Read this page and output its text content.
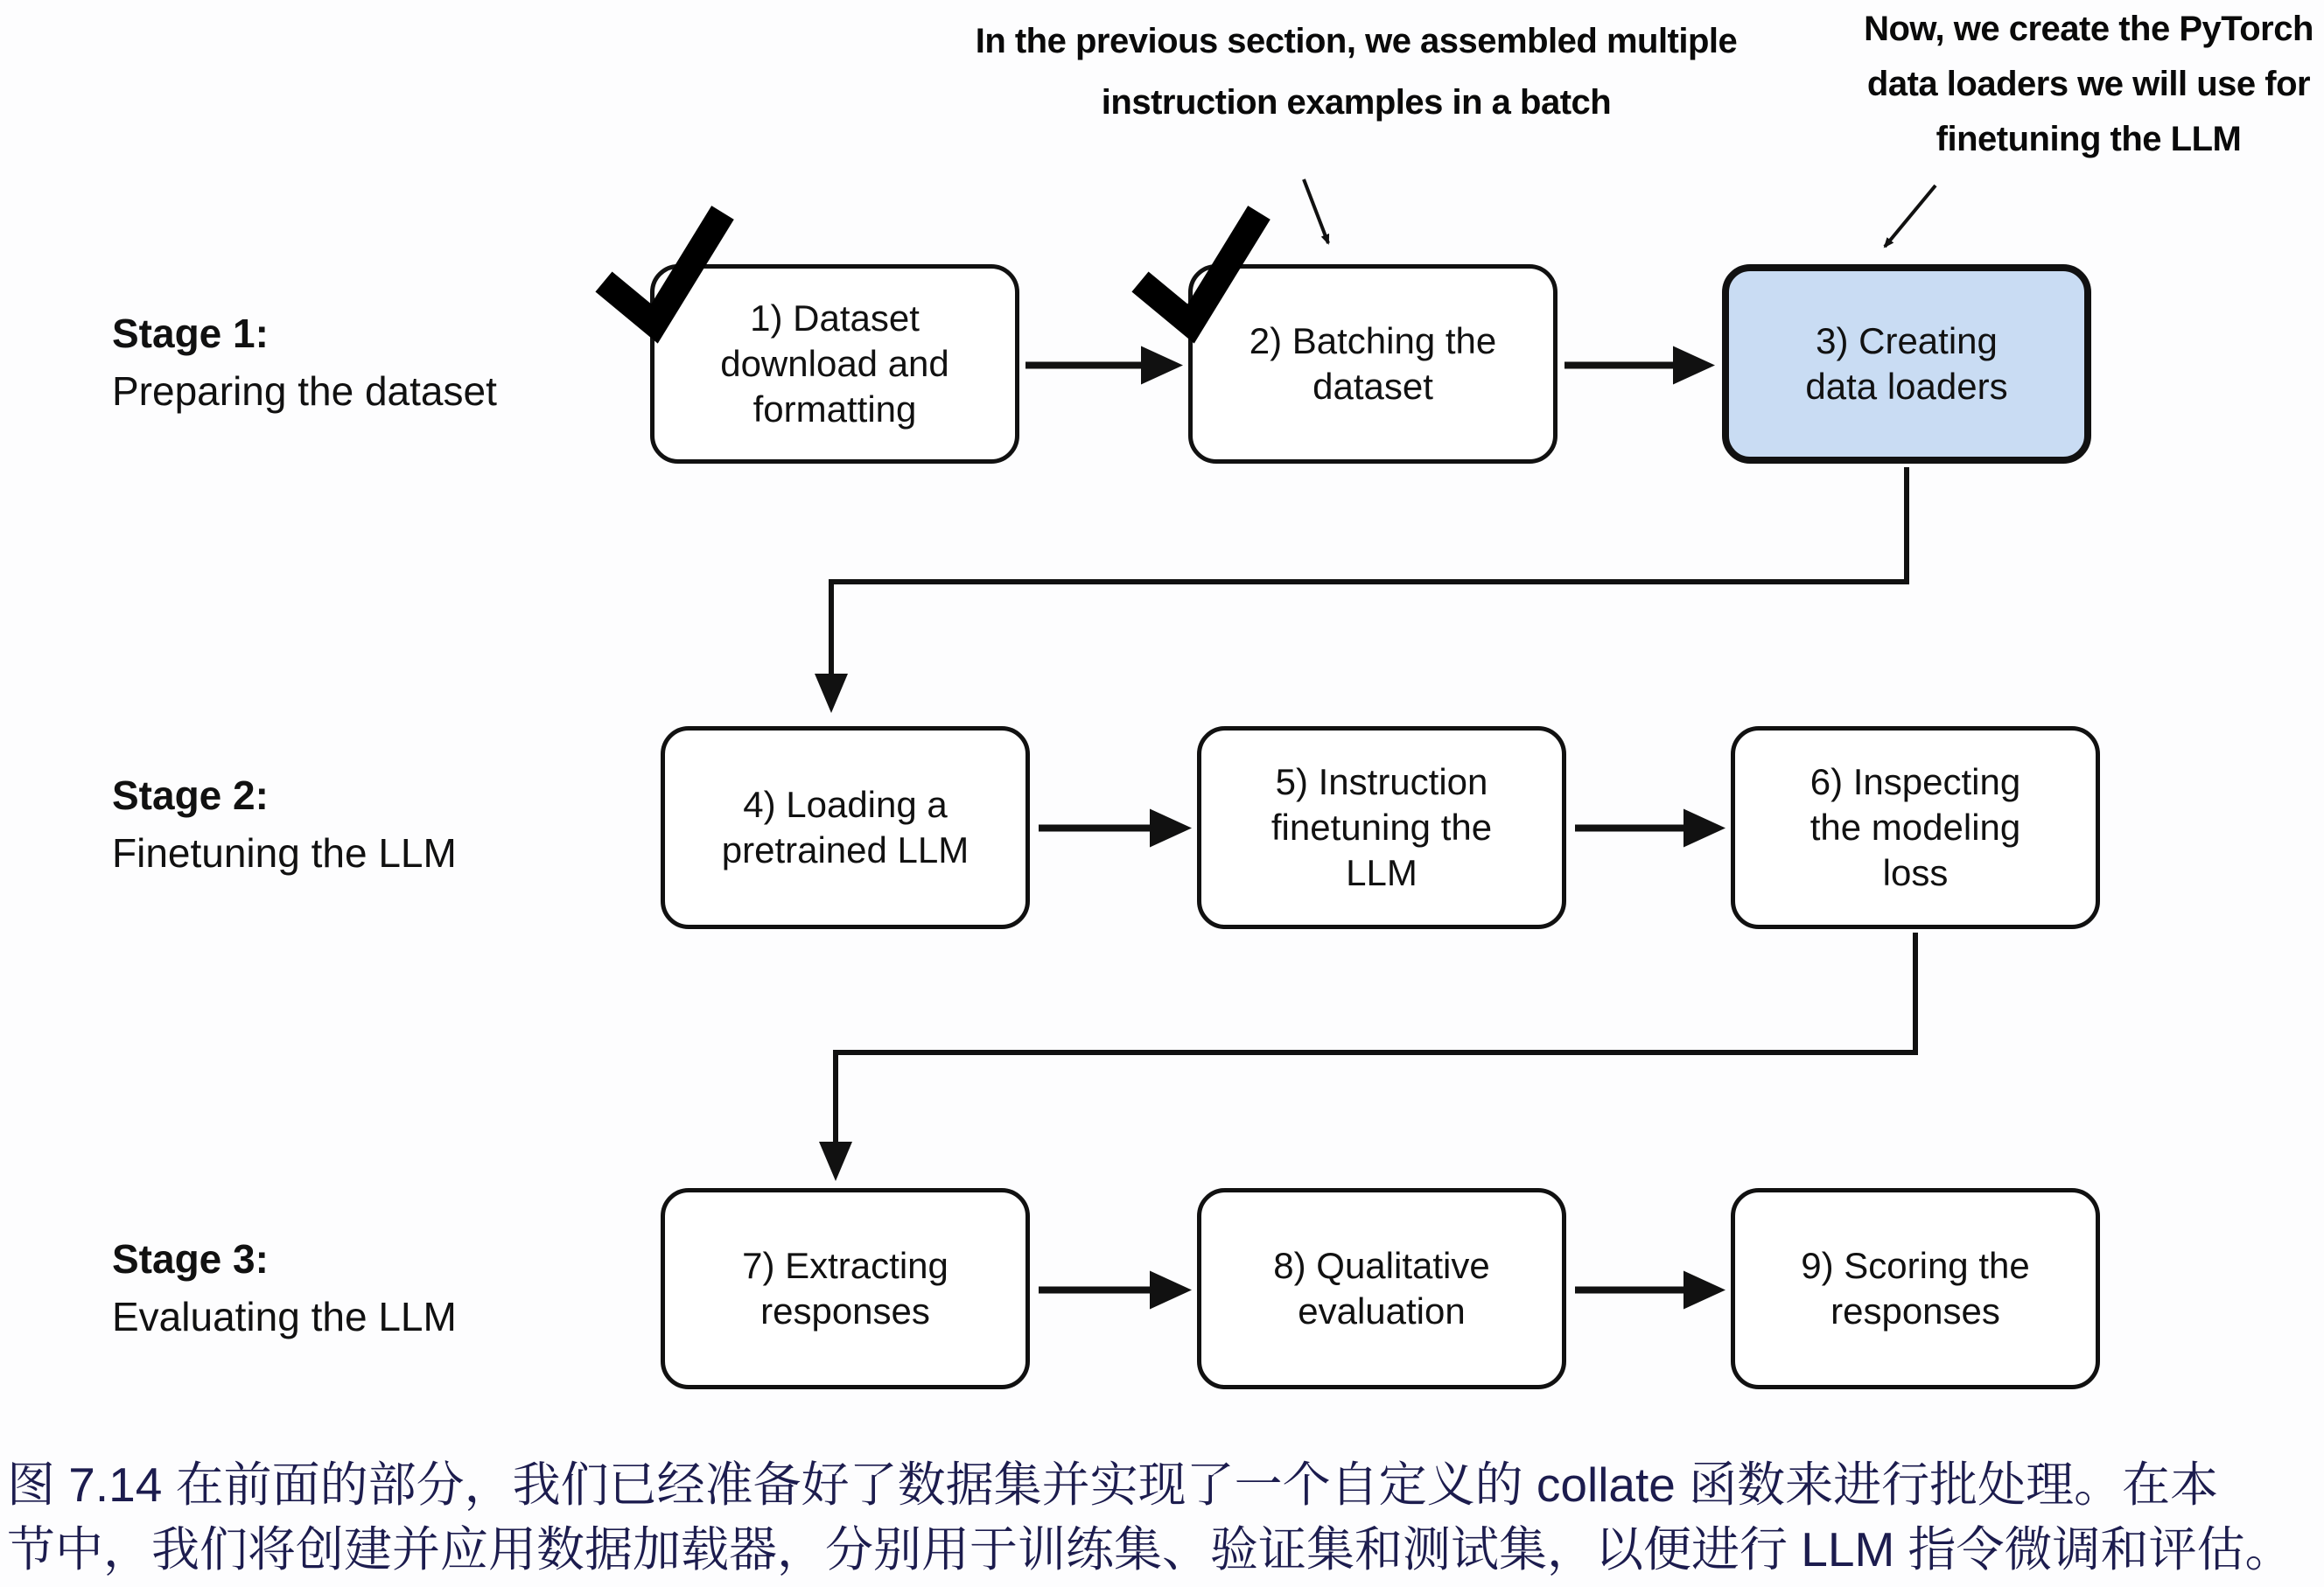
In the previous section, we assembled multiple
instruction examples in a batch
Now, we create the PyTorch
data loaders we will use for
finetuning the LLM
Stage 1:
Preparing the dataset
Stage 2:
Finetuning the LLM
Stage 3:
Evaluating the LLM
1) Dataset
download and
formatting
2) Batching the
dataset
3) Creating
data loaders
4) Loading a
pretrained LLM
5) Instruction
finetuning the
LLM
6) Inspecting
the modeling
loss
7) Extracting
responses
8) Qualitative
evaluation
9) Scoring the
responses
图 7.14 在前面的部分，我们已经准备好了数据集并实现了一个自定义的 collate 函数来进行批处理。在本
节中，我们将创建并应用数据加载器，分别用于训练集、验证集和测试集，以便进行 LLM 指令微调和评估。
